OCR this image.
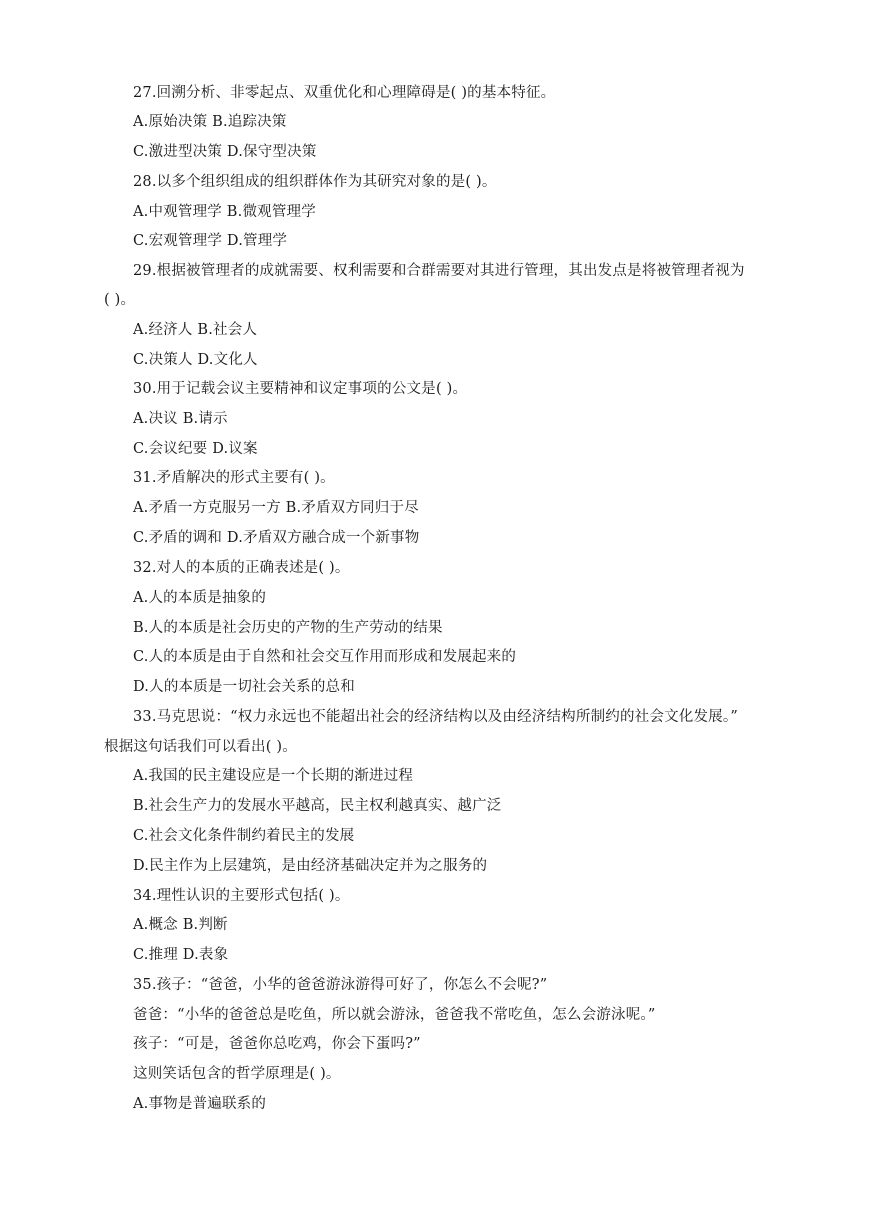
27.回溯分析、非零起点、双重优化和心理障碍是( )的基本特征。
A.原始决策 B.追踪决策
C.激进型决策 D.保守型决策
28.以多个组织组成的组织群体作为其研究对象的是( )。
A.中观管理学 B.微观管理学
C.宏观管理学 D.管理学
29.根据被管理者的成就需要、权利需要和合群需要对其进行管理，其出发点是将被管理者视为
( )。
A.经济人 B.社会人
C.决策人 D.文化人
30.用于记载会议主要精神和议定事项的公文是( )。
A.决议 B.请示
C.会议纪要 D.议案
31.矛盾解决的形式主要有( )。
A.矛盾一方克服另一方 B.矛盾双方同归于尽
C.矛盾的调和 D.矛盾双方融合成一个新事物
32.对人的本质的正确表述是( )。
A.人的本质是抽象的
B.人的本质是社会历史的产物的生产劳动的结果
C.人的本质是由于自然和社会交互作用而形成和发展起来的
D.人的本质是一切社会关系的总和
33.马克思说：“权力永远也不能超出社会的经济结构以及由经济结构所制约的社会文化发展。”
根据这句话我们可以看出( )。
A.我国的民主建设应是一个长期的渐进过程
B.社会生产力的发展水平越高，民主权利越真实、越广泛
C.社会文化条件制约着民主的发展
D.民主作为上层建筑，是由经济基础决定并为之服务的
34.理性认识的主要形式包括( )。
A.概念 B.判断
C.推理 D.表象
35.孩子：“爸爸，小华的爸爸游泳游得可好了，你怎么不会呢?”
爸爸：“小华的爸爸总是吃鱼，所以就会游泳，爸爸我不常吃鱼，怎么会游泳呢。”
孩子：“可是，爸爸你总吃鸡，你会下蛋吗?”
这则笑话包含的哲学原理是( )。
A.事物是普遍联系的
